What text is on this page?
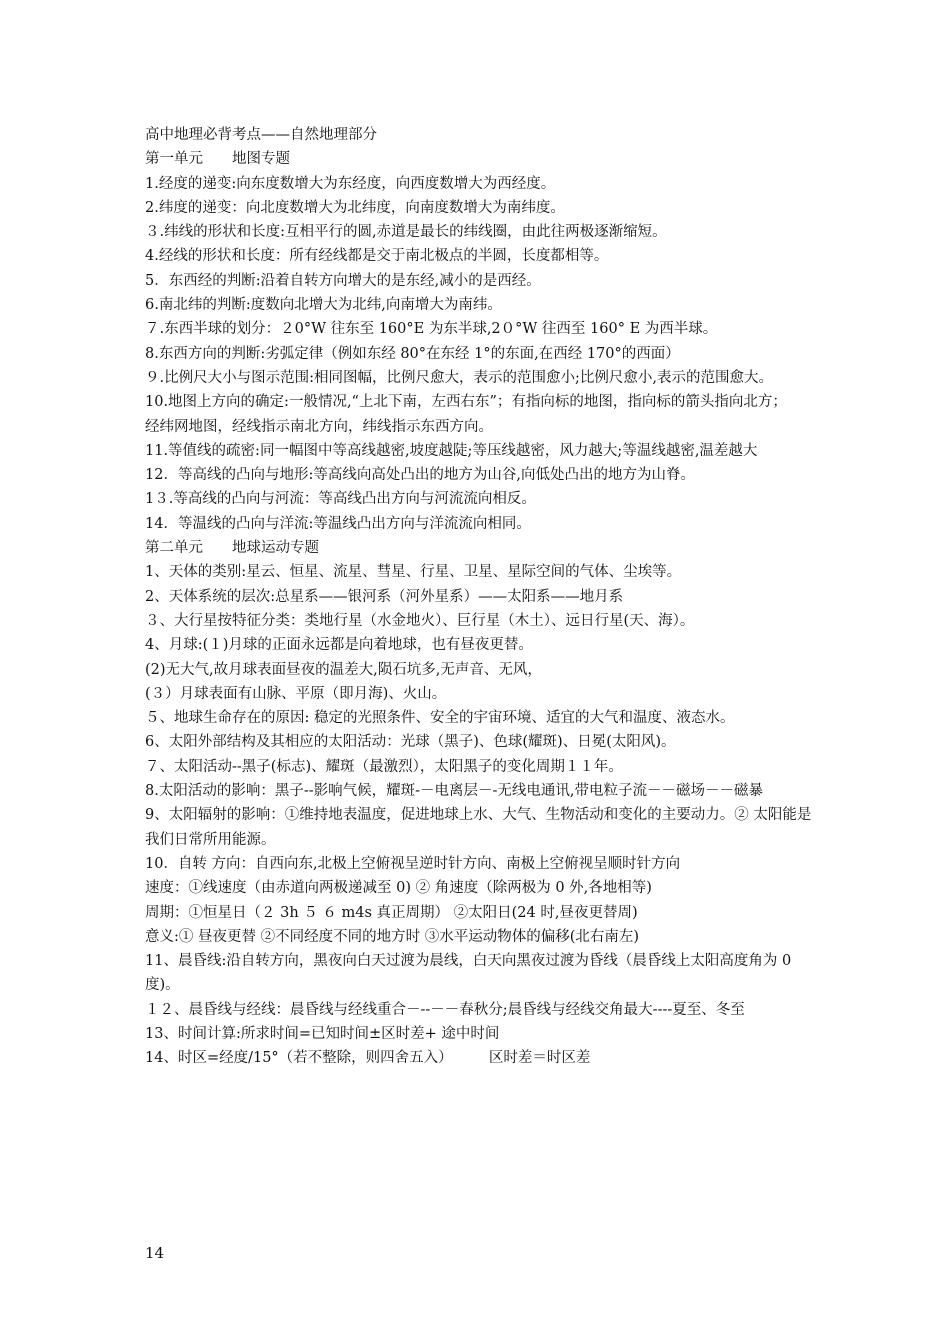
高中地理必背考点——自然地理部分
第一单元　　地图专题
1.经度的递变:向东度数增大为东经度，向西度数增大为西经度。
2.纬度的递变：向北度数增大为北纬度，向南度数增大为南纬度。
３.纬线的形状和长度:互相平行的圆,赤道是最长的纬线圈，由此往两极逐渐缩短。
4.经线的形状和长度：所有经线都是交于南北极点的半圆，长度都相等。
5．东西经的判断:沿着自转方向增大的是东经,减小的是西经。
6.南北纬的判断:度数向北增大为北纬,向南增大为南纬。
７.东西半球的划分：２0°W 往东至 160°E 为东半球,2０°W 往西至 160° E 为西半球。
8.东西方向的判断:劣弧定律（例如东经 80°在东经 1°的东面,在西经 170°的西面）
９.比例尺大小与图示范围:相同图幅，比例尺愈大，表示的范围愈小;比例尺愈小,表示的范围愈大。
10.地图上方向的确定:一般情况,“上北下南，左西右东”；有指向标的地图，指向标的箭头指向北方；
经纬网地图，经线指示南北方向，纬线指示东西方向。
11.等值线的疏密:同一幅图中等高线越密,坡度越陡;等压线越密，风力越大;等温线越密,温差越大
12．等高线的凸向与地形:等高线向高处凸出的地方为山谷,向低处凸出的地方为山脊。
1３.等高线的凸向与河流：等高线凸出方向与河流流向相反。
14．等温线的凸向与洋流:等温线凸出方向与洋流流向相同。
第二单元　　地球运动专题
1、天体的类别:星云、恒星、流星、彗星、行星、卫星、星际空间的气体、尘埃等。
2、天体系统的层次:总星系——银河系（河外星系）——太阳系——地月系
３、大行星按特征分类：类地行星（水金地火）、巨行星（木土）、远日行星(天、海）。
4、月球:(１)月球的正面永远都是向着地球，也有昼夜更替。
(2)无大气,故月球表面昼夜的温差大,陨石坑多,无声音、无风，
(３）月球表面有山脉、平原（即月海)、火山。
５、地球生命存在的原因: 稳定的光照条件、安全的宇宙环境、适宜的大气和温度、液态水。
6、太阳外部结构及其相应的太阳活动：光球（黑子)、色球(耀斑)、日冕(太阳风)。
７、太阳活动--黑子(标志)、耀斑（最激烈），太阳黑子的变化周期１１年。
8.太阳活动的影响：黑子--影响气候，耀斑-－电离层－-无线电通讯,带电粒子流－－磁场－－磁暴
9、太阳辐射的影响：①维持地表温度，促进地球上水、大气、生物活动和变化的主要动力。② 太阳能是我们日常所用能源。
10．自转 方向：自西向东,北极上空俯视呈逆时针方向、南极上空俯视呈顺时针方向
速度：①线速度（由赤道向两极递减至 0) ② 角速度（除两极为 0 外,各地相等)
周期：①恒星日（２ 3h ５ ６ m4s 真正周期） ②太阳日(24 时,昼夜更替周)
意义:① 昼夜更替 ②不同经度不同的地方时 ③水平运动物体的偏移(北右南左)
11、晨昏线:沿自转方向，黑夜向白天过渡为晨线，白天向黑夜过渡为昏线（晨昏线上太阳高度角为 0 度)。
１２、晨昏线与经线：晨昏线与经线重合－--－－春秋分;晨昏线与经线交角最大----夏至、冬至
13、时间计算:所求时间=已知时间±区时差+ 途中时间
14、时区=经度/15°（若不整除，则四舍五入）　　　区时差＝时区差
14
